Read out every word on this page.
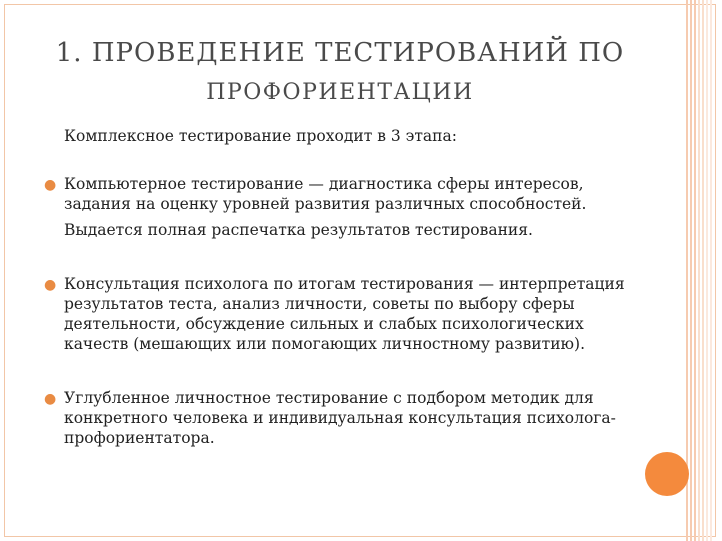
1. ПРОВЕДЕНИЕ ТЕСТИРОВАНИЙ ПО
ПРОФОРИЕНТАЦИИ
Комплексное тестирование проходит в 3 этапа:
● Компьютерное тестирование — диагностика сферы интересов, задания на оценку уровней развития различных способностей.
Выдается полная распечатка результатов тестирования.
● Консультация психолога по итогам тестирования — интерпретация результатов теста, анализ личности, советы по выбору сферы деятельности, обсуждение сильных и слабых психологических качеств (мешающих или помогающих личностному развитию).
● Углубленное личностное тестирование с подбором методик для конкретного человека и индивидуальная консультация психолога-профориентатора.
